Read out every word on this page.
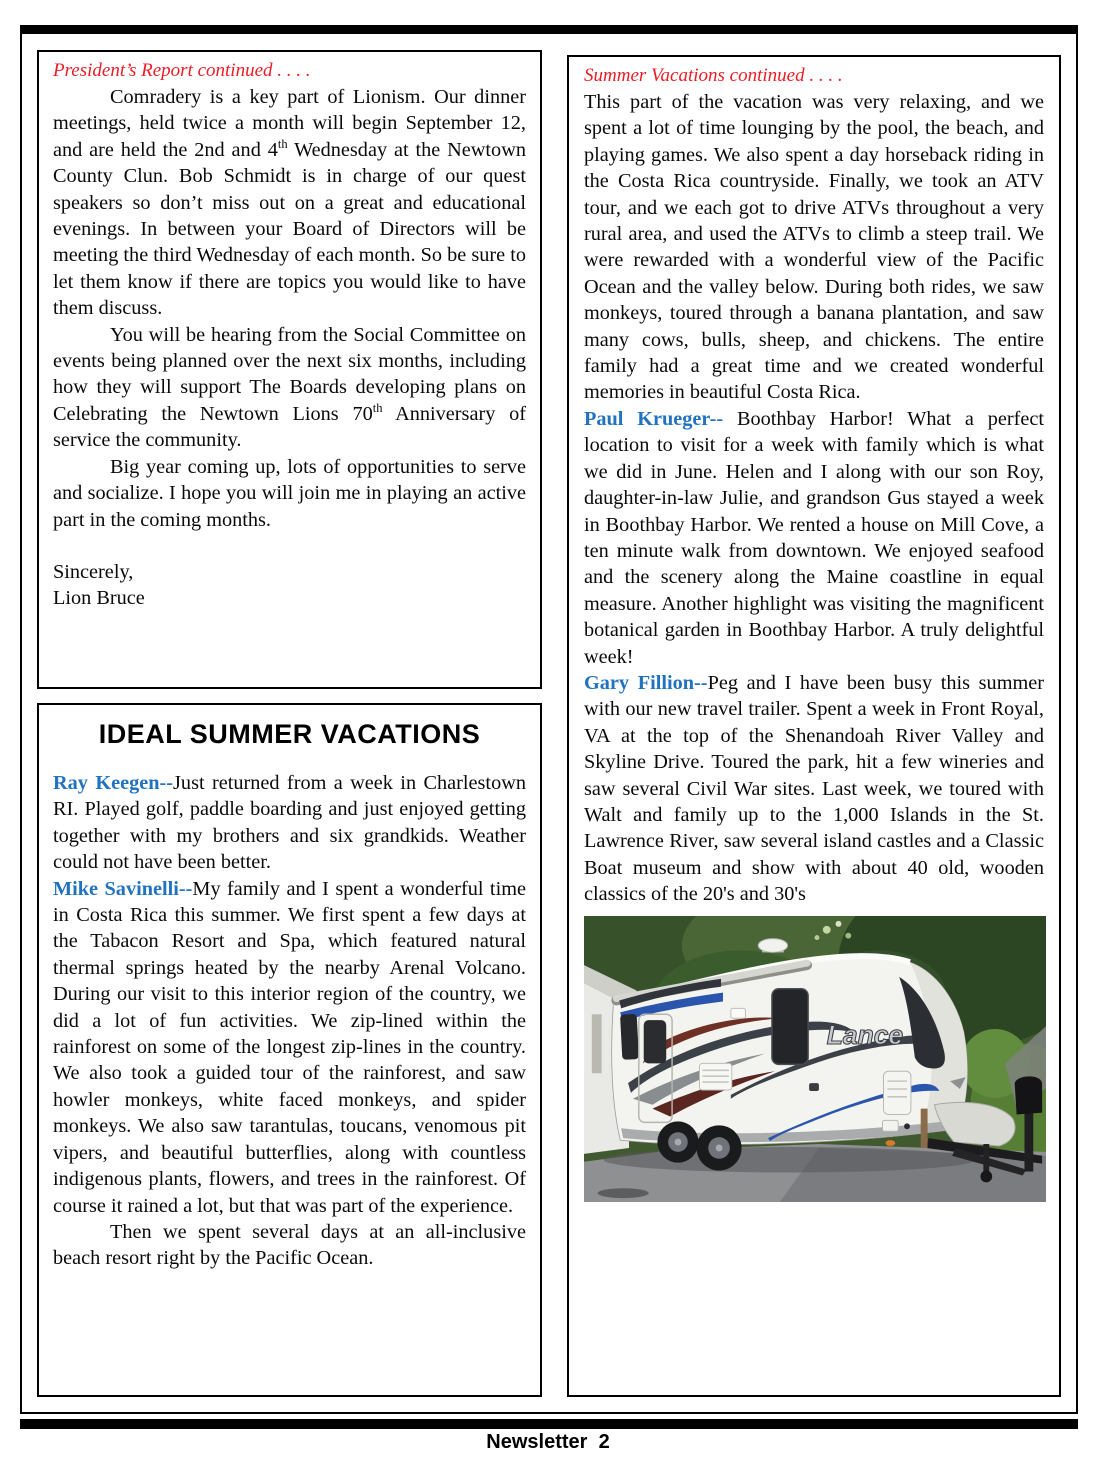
President’s Report continued . . . .

Comradery is a key part of Lionism. Our dinner meetings, held twice a month will begin September 12, and are held the 2nd and 4th Wednesday at the Newtown County Clun. Bob Schmidt is in charge of our quest speakers so don’t miss out on a great and educational evenings. In between your Board of Directors will be meeting the third Wednesday of each month. So be sure to let them know if there are topics you would like to have them discuss.

You will be hearing from the Social Committee on events being planned over the next six months, including how they will support The Boards developing plans on Celebrating the Newtown Lions 70th Anniversary of service the community.

Big year coming up, lots of opportunities to serve and socialize. I hope you will join me in playing an active part in the coming months.

Sincerely,
Lion Bruce
IDEAL SUMMER VACATIONS

Ray Keegen--Just returned from a week in Charlestown RI. Played golf, paddle boarding and just enjoyed getting together with my brothers and six grandkids. Weather could not have been better.

Mike Savinelli--My family and I spent a wonderful time in Costa Rica this summer. We first spent a few days at the Tabacon Resort and Spa, which featured natural thermal springs heated by the nearby Arenal Volcano. During our visit to this interior region of the country, we did a lot of fun activities. We zip-lined within the rainforest on some of the longest zip-lines in the country. We also took a guided tour of the rainforest, and saw howler monkeys, white faced monkeys, and spider monkeys. We also saw tarantulas, toucans, venomous pit vipers, and beautiful butterflies, along with countless indigenous plants, flowers, and trees in the rainforest. Of course it rained a lot, but that was part of the experience.

Then we spent several days at an all-inclusive beach resort right by the Pacific Ocean.

Summer Vacations continued . . . .

This part of the vacation was very relaxing, and we spent a lot of time lounging by the pool, the beach, and playing games. We also spent a day horseback riding in the Costa Rica countryside. Finally, we took an ATV tour, and we each got to drive ATVs throughout a very rural area, and used the ATVs to climb a steep trail. We were rewarded with a wonderful view of the Pacific Ocean and the valley below. During both rides, we saw monkeys, toured through a banana plantation, and saw many cows, bulls, sheep, and chickens. The entire family had a great time and we created wonderful memories in beautiful Costa Rica.

Paul Krueger-- Boothbay Harbor! What a perfect location to visit for a week with family which is what we did in June. Helen and I along with our son Roy, daughter-in-law Julie, and grandson Gus stayed a week in Boothbay Harbor. We rented a house on Mill Cove, a ten minute walk from downtown. We enjoyed seafood and the scenery along the Maine coastline in equal measure. Another highlight was visiting the magnificent botanical garden in Boothbay Harbor. A truly delightful week!

Gary Fillion--Peg and I have been busy this summer with our new travel trailer. Spent a week in Front Royal, VA at the top of the Shenandoah River Valley and Skyline Drive. Toured the park, hit a few wineries and saw several Civil War sites. Last week, we toured with Walt and family up to the 1,000 Islands in the St. Lawrence River, saw several island castles and a Classic Boat museum and show with about 40 old, wooden classics of the 20's and 30's

Lance
Newsletter  2
